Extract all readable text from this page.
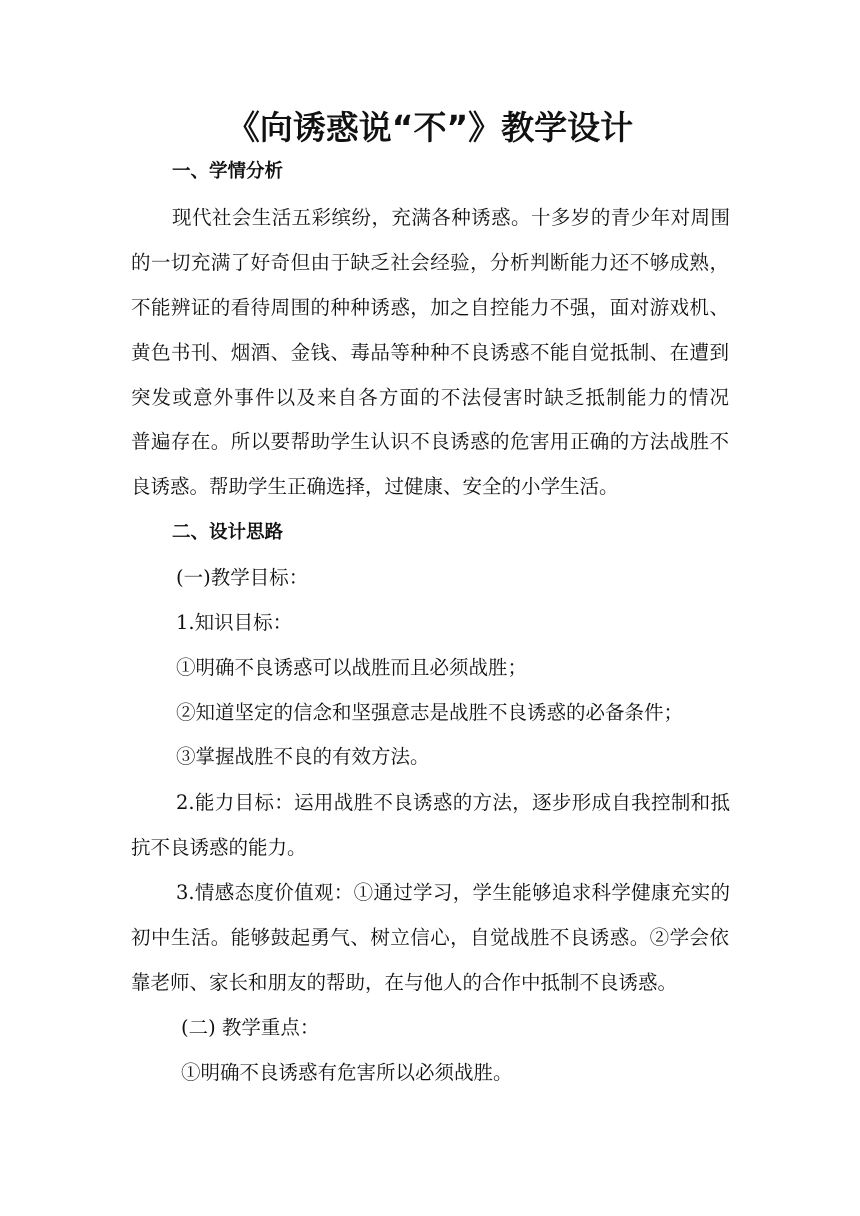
《向诱惑说“不”》教学设计

一、学情分析

现代社会生活五彩缤纷，充满各种诱惑。十多岁的青少年对周围

的一切充满了好奇但由于缺乏社会经验，分析判断能力还不够成熟，

不能辨证的看待周围的种种诱惑，加之自控能力不强，面对游戏机、

黄色书刊、烟酒、金钱、毒品等种种不良诱惑不能自觉抵制、在遭到

突发或意外事件以及来自各方面的不法侵害时缺乏抵制能力的情况

普遍存在。所以要帮助学生认识不良诱惑的危害用正确的方法战胜不

良诱惑。帮助学生正确选择，过健康、安全的小学生活。

二、设计思路

(一)教学目标：

1.知识目标：

①明确不良诱惑可以战胜而且必须战胜；

②知道坚定的信念和坚强意志是战胜不良诱惑的必备条件；

③掌握战胜不良的有效方法。

2.能力目标：运用战胜不良诱惑的方法，逐步形成自我控制和抵

抗不良诱惑的能力。

3.情感态度价值观：①通过学习，学生能够追求科学健康充实的

初中生活。能够鼓起勇气、树立信心，自觉战胜不良诱惑。②学会依

靠老师、家长和朋友的帮助，在与他人的合作中抵制不良诱惑。

(二) 教学重点：

①明确不良诱惑有危害所以必须战胜。
